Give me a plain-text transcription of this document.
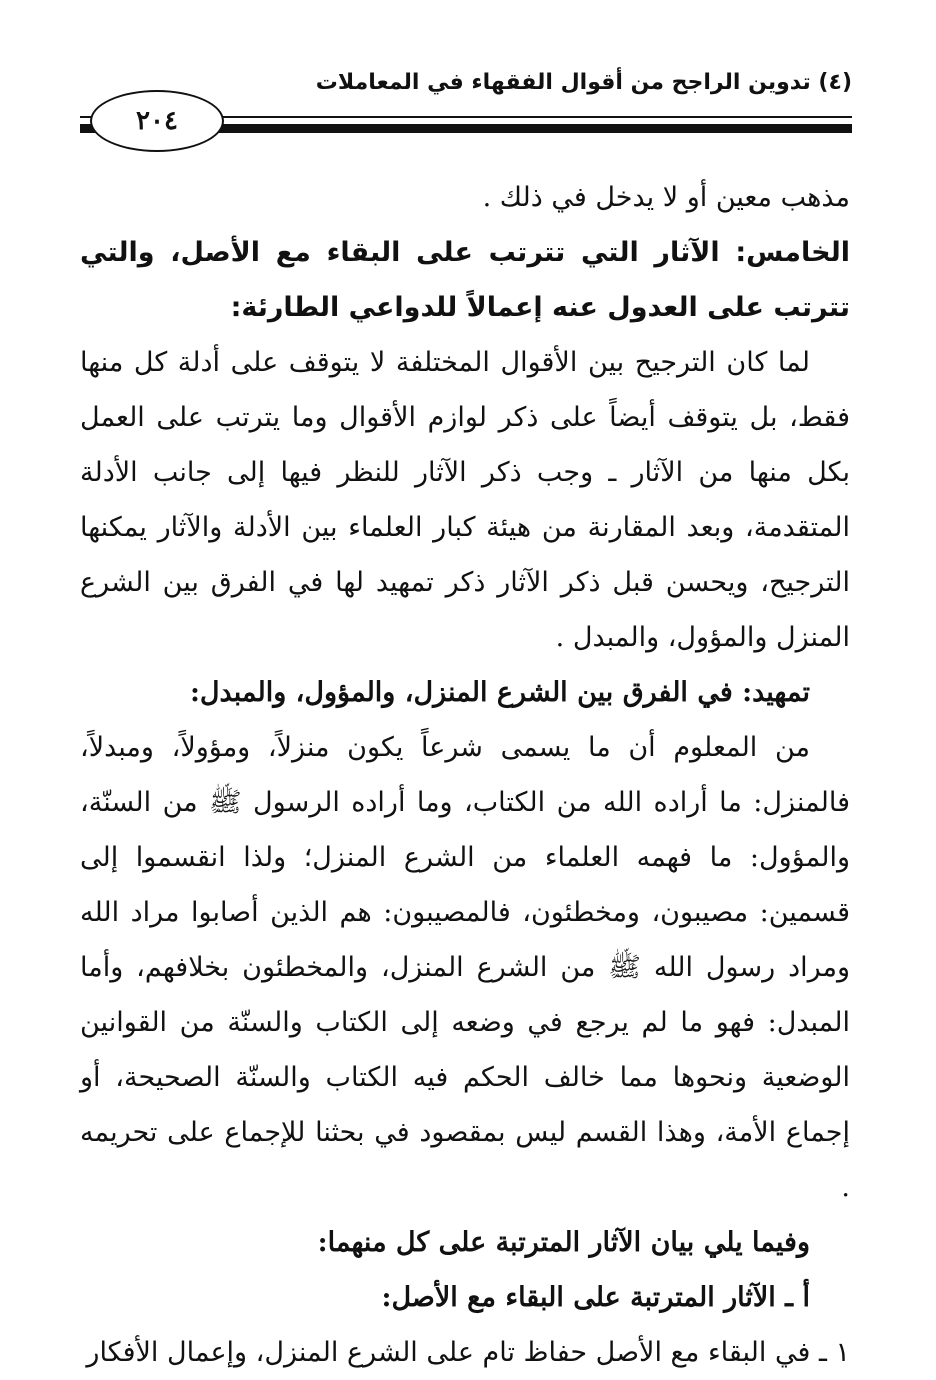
(٤) تدوين الراجح من أقوال الفقهاء في المعاملات
٢٠٤

مذهب معين أو لا يدخل في ذلك .

الخامس: الآثار التي تترتب على البقاء مع الأصل، والتي تترتب على العدول عنه إعمالاً للدواعي الطارئة:

لما كان الترجيح بين الأقوال المختلفة لا يتوقف على أدلة كل منها فقط، بل يتوقف أيضاً على ذكر لوازم الأقوال وما يترتب على العمل بكل منها من الآثار ـ وجب ذكر الآثار للنظر فيها إلى جانب الأدلة المتقدمة، وبعد المقارنة من هيئة كبار العلماء بين الأدلة والآثار يمكنها الترجيح، ويحسن قبل ذكر الآثار ذكر تمهيد لها في الفرق بين الشرع المنزل والمؤول، والمبدل .

تمهيد: في الفرق بين الشرع المنزل، والمؤول، والمبدل:

من المعلوم أن ما يسمى شرعاً يكون منزلاً، ومؤولاً، ومبدلاً، فالمنزل: ما أراده الله من الكتاب، وما أراده الرسول ﷺ من السنّة، والمؤول: ما فهمه العلماء من الشرع المنزل؛ ولذا انقسموا إلى قسمين: مصيبون، ومخطئون، فالمصيبون: هم الذين أصابوا مراد الله ومراد رسول الله ﷺ من الشرع المنزل، والمخطئون بخلافهم، وأما المبدل: فهو ما لم يرجع في وضعه إلى الكتاب والسنّة من القوانين الوضعية ونحوها مما خالف الحكم فيه الكتاب والسنّة الصحيحة، أو إجماع الأمة، وهذا القسم ليس بمقصود في بحثنا للإجماع على تحريمه .

وفيما يلي بيان الآثار المترتبة على كل منهما:

أ ـ الآثار المترتبة على البقاء مع الأصل:

١ ـ في البقاء مع الأصل حفاظ تام على الشرع المنزل، وإعمال الأفكار
